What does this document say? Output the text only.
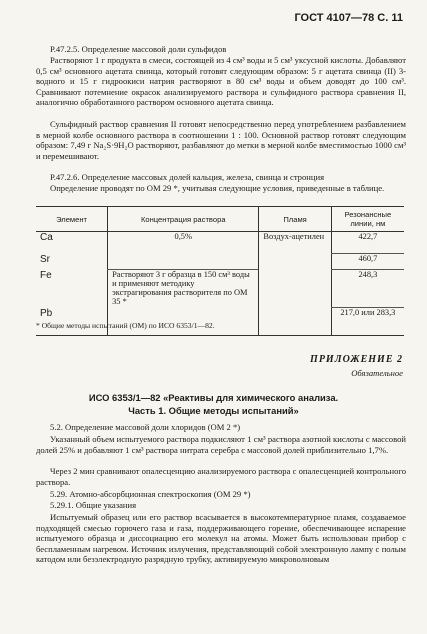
ГОСТ 4107—78 С. 11

Р.47.2.5. Определение массовой доли сульфидов

Растворяют 1 г продукта в смеси, состоящей из 4 см³ воды и 5 см³ уксусной кислоты. Добавляют 0,5 см³ основного ацетата свинца, который готовят следующим образом: 5 г ацетата свинца (II) 3-водного и 15 г гидроокиси натрия растворяют в 80 см³ воды и объем доводят до 100 см³. Сравнивают потемнение окрасок анализируемого раствора и сульфидного раствора сравнения II, аналогично обработанного раствором основного ацетата свинца.

Сульфидный раствор сравнения II готовят непосредственно перед употреблением разбавлением в мерной колбе основного раствора в соотношении 1 : 100. Основной раствор готовят следующим образом: 7,49 г Na₂S·9H₂O растворяют, разбавляют до метки в мерной колбе вместимостью 1000 см³ и перемешивают.

Р.47.2.6. Определение массовых долей кальция, железа, свинца и стронция

Определение проводят по ОМ 29 *, учитывая следующие условия, приведенные в таблице.

Элемент	Концентрация раствора	Пламя	Резонансные линии, нм
Ca	0,5%	Воздух-ацетилен	422,7
Sr			460,7
Fe	Растворяют 3 г образца в 150 см³ воды и применяют методику экстрагирования растворителя по ОМ 35 *		248,3
Pb			217,0 или 283,3
* Общие методы испытаний (ОМ) по ИСО 6353/1—82.
ПРИЛОЖЕНИЕ 2
Обязательное
ИСО 6353/1—82 «Реактивы для химического анализа.
Часть 1. Общие методы испытаний»

5.2. Определение массовой доли хлоридов (ОМ 2 *)

Указанный объем испытуемого раствора подкисляют 1 см³ раствора азотной кислоты с массовой долей 25% и добавляют 1 см³ раствора нитрата серебра с массовой долей приблизительно 1,7%.

Через 2 мин сравнивают опалесценцию анализируемого раствора с опалесценцией контрольного раствора.

5.29. Атомно-абсорбционная спектроскопия (ОМ 29 *)

5.29.1. Общие указания

Испытуемый образец или его раствор всасывается в высокотемпературное пламя, создаваемое подходящей смесью горючего газа и газа, поддерживающего горение, обеспечивающее испарение испытуемого образца и диссоциацию его молекул на атомы. Может быть использован прибор с беспламенным нагревом. Источник излучения, представляющий собой электронную лампу с полым катодом или безэлектродную разрядную трубку, активируемую микроволновым
